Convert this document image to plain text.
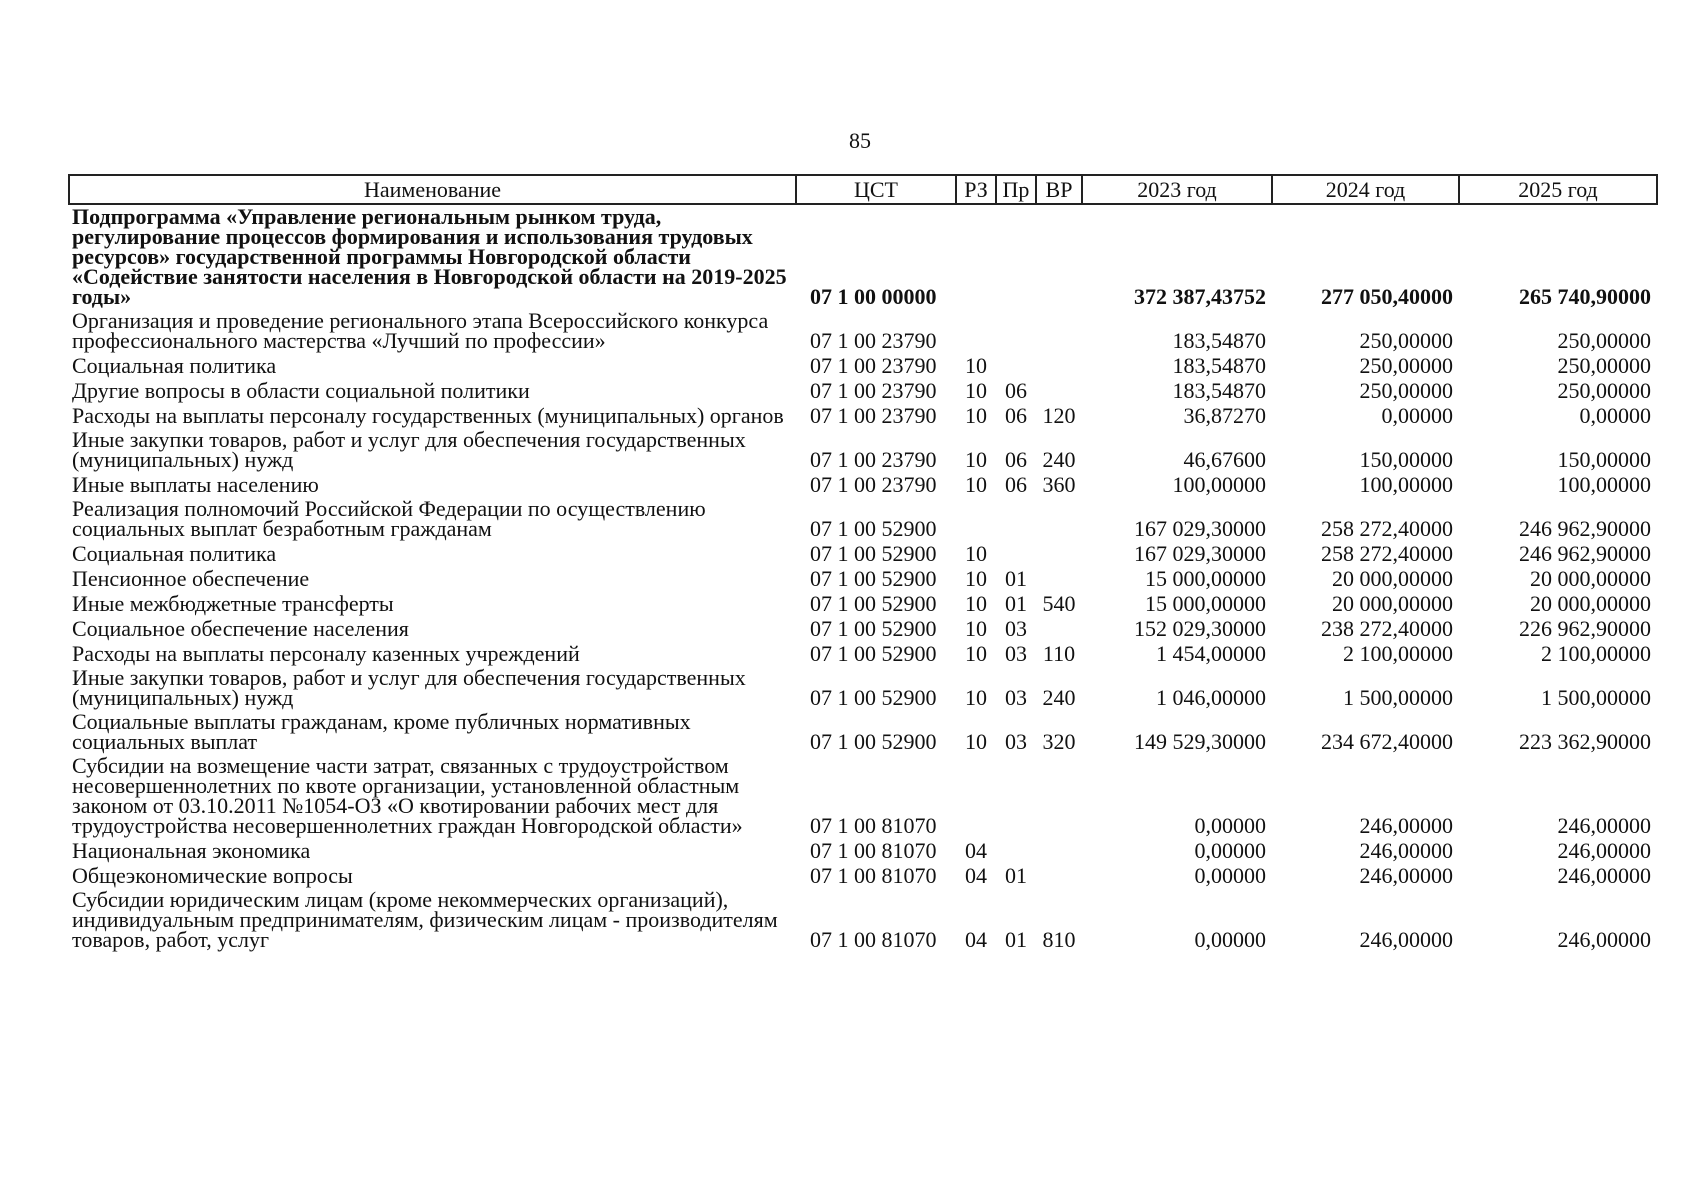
85
Наименование	ЦСТ	РЗ	Пр	ВР	2023 год	2024 год	2025 год
Подпрограмма «Управление региональным рынком труда, регулирование процессов формирования и использования трудовых ресурсов» государственной программы Новгородской области «Содействие занятости населения в Новгородской области на 2019-2025 годы»	07 1 00 00000				372 387,43752	277 050,40000	265 740,90000
Организация и проведение регионального этапа Всероссийского конкурса профессионального мастерства «Лучший по профессии»	07 1 00 23790				183,54870	250,00000	250,00000
Социальная политика	07 1 00 23790	10			183,54870	250,00000	250,00000
Другие вопросы в области социальной политики	07 1 00 23790	10	06		183,54870	250,00000	250,00000
Расходы на выплаты персоналу государственных (муниципальных) органов	07 1 00 23790	10	06	120	36,87270	0,00000	0,00000
Иные закупки товаров, работ и услуг для обеспечения государственных (муниципальных) нужд	07 1 00 23790	10	06	240	46,67600	150,00000	150,00000
Иные выплаты населению	07 1 00 23790	10	06	360	100,00000	100,00000	100,00000
Реализация полномочий Российской Федерации по осуществлению социальных выплат безработным гражданам	07 1 00 52900				167 029,30000	258 272,40000	246 962,90000
Социальная политика	07 1 00 52900	10			167 029,30000	258 272,40000	246 962,90000
Пенсионное обеспечение	07 1 00 52900	10	01		15 000,00000	20 000,00000	20 000,00000
Иные межбюджетные трансферты	07 1 00 52900	10	01	540	15 000,00000	20 000,00000	20 000,00000
Социальное обеспечение населения	07 1 00 52900	10	03		152 029,30000	238 272,40000	226 962,90000
Расходы на выплаты персоналу казенных учреждений	07 1 00 52900	10	03	110	1 454,00000	2 100,00000	2 100,00000
Иные закупки товаров, работ и услуг для обеспечения государственных (муниципальных) нужд	07 1 00 52900	10	03	240	1 046,00000	1 500,00000	1 500,00000
Социальные выплаты гражданам, кроме публичных нормативных социальных выплат	07 1 00 52900	10	03	320	149 529,30000	234 672,40000	223 362,90000
Субсидии на возмещение части затрат, связанных с трудоустройством несовершеннолетних по квоте организации, установленной областным законом от 03.10.2011 №1054-ОЗ «О квотировании рабочих мест для трудоустройства несовершеннолетних граждан Новгородской области»	07 1 00 81070				0,00000	246,00000	246,00000
Национальная экономика	07 1 00 81070	04			0,00000	246,00000	246,00000
Общеэкономические вопросы	07 1 00 81070	04	01		0,00000	246,00000	246,00000
Субсидии юридическим лицам (кроме некоммерческих организаций), индивидуальным предпринимателям, физическим лицам - производителям товаров, работ, услуг	07 1 00 81070	04	01	810	0,00000	246,00000	246,00000
